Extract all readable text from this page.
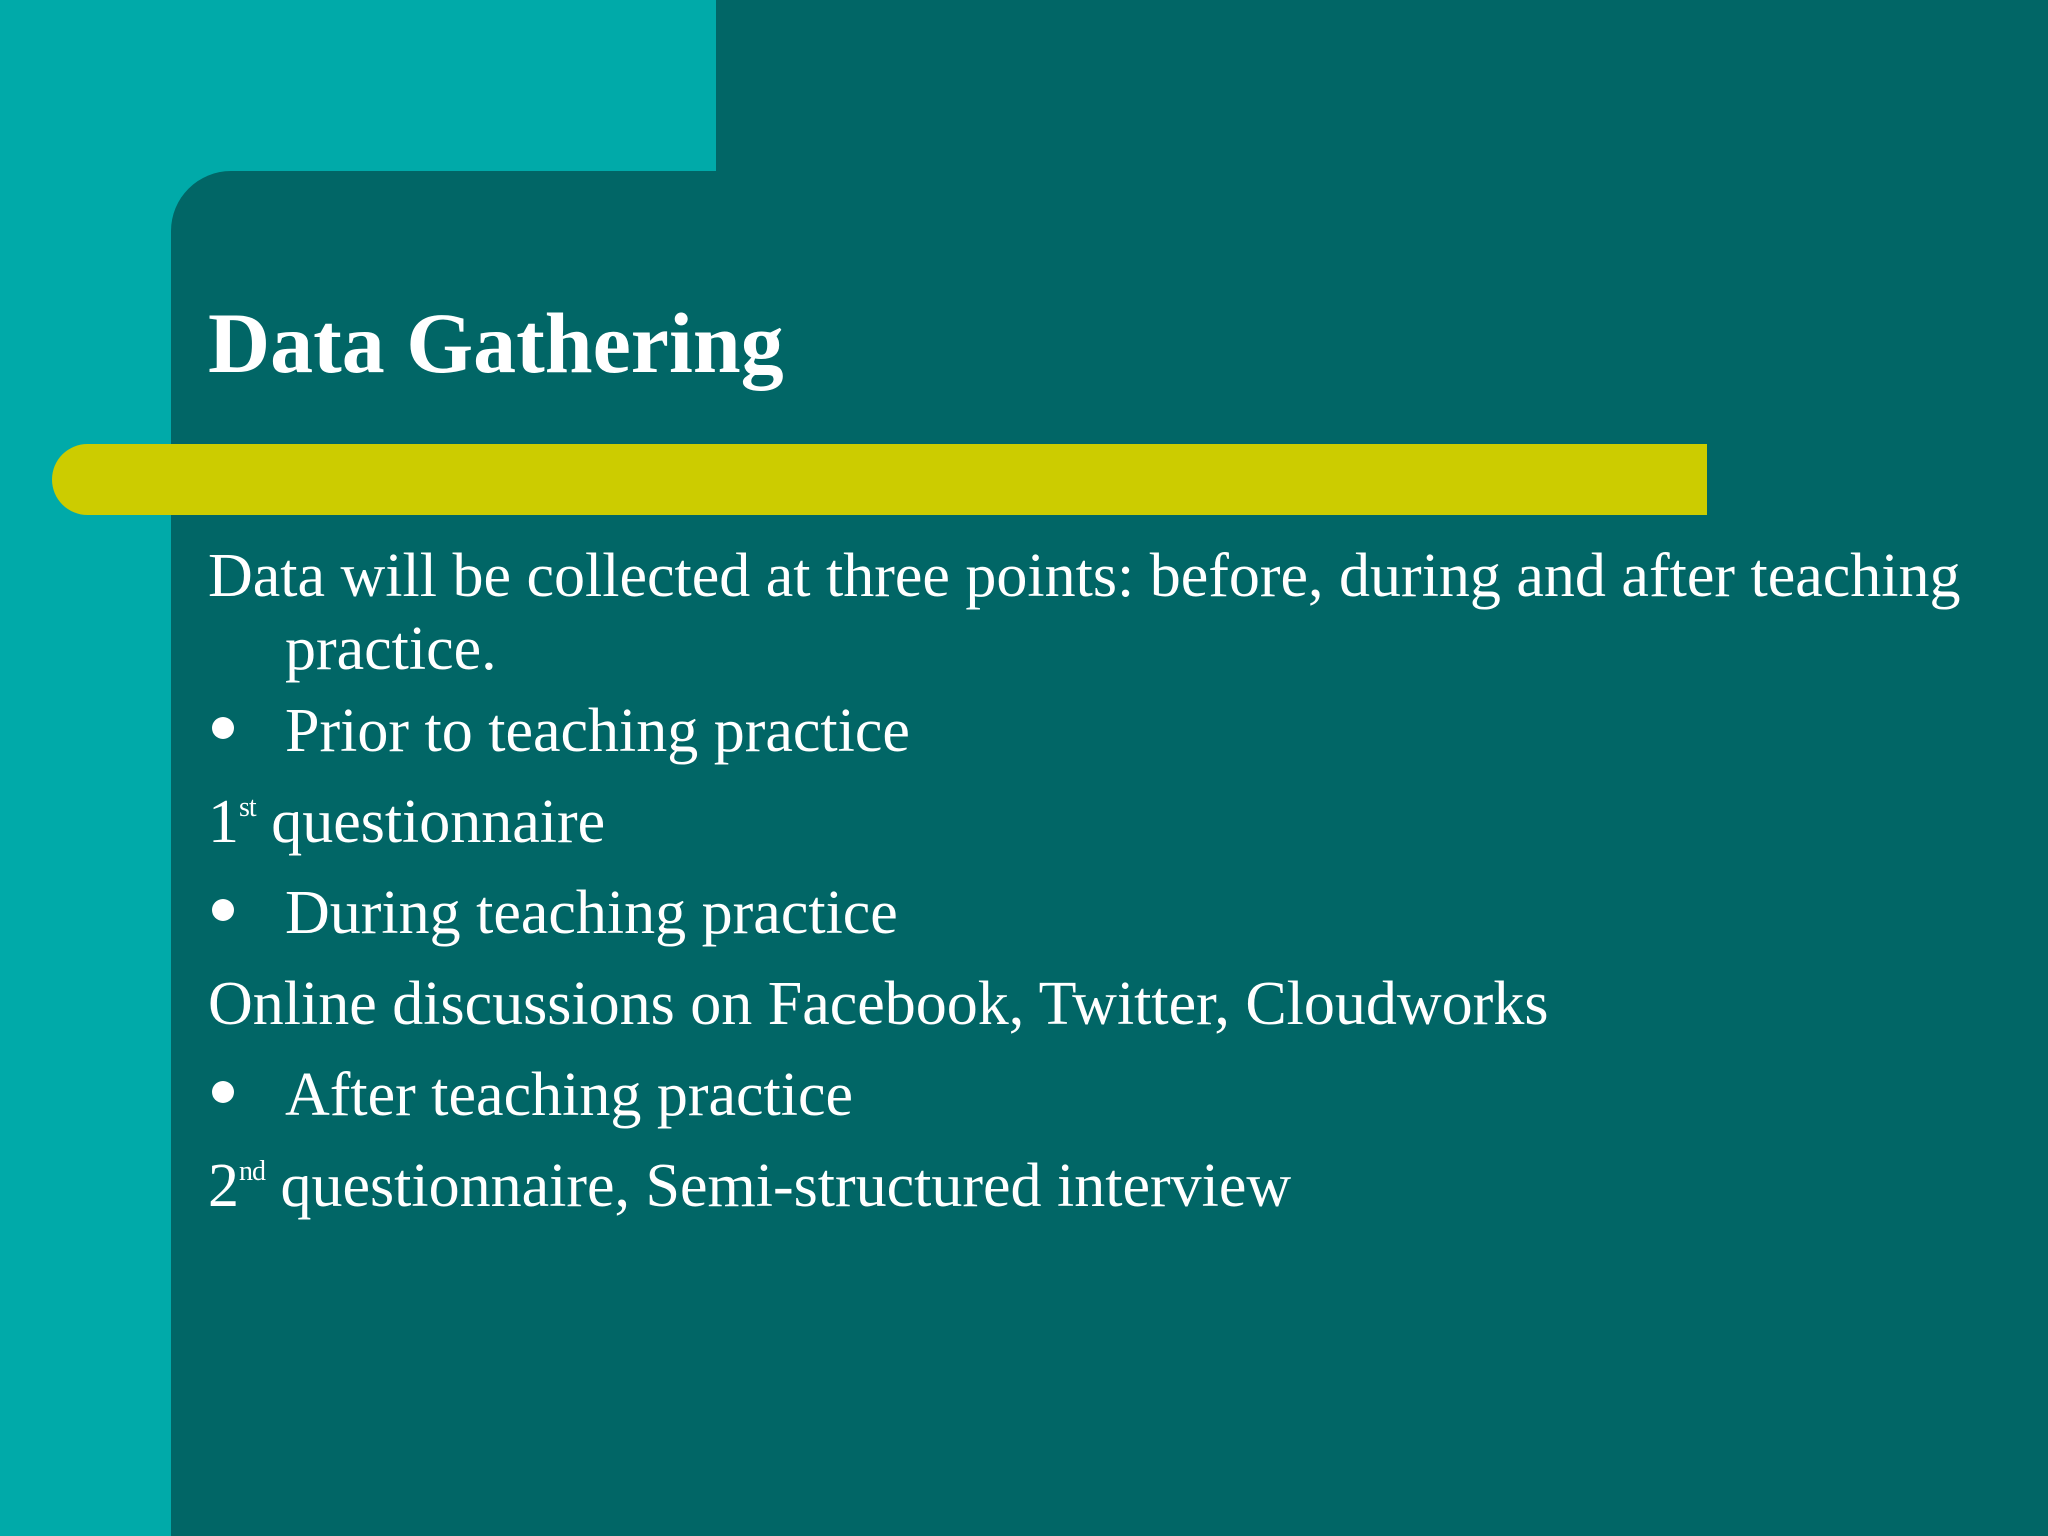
Data Gathering
Data will be collected at three points: before, during and after teaching practice.
Prior to teaching practice
1st questionnaire
During teaching practice
Online discussions on Facebook, Twitter, Cloudworks
After teaching practice
2nd questionnaire, Semi-structured interview
